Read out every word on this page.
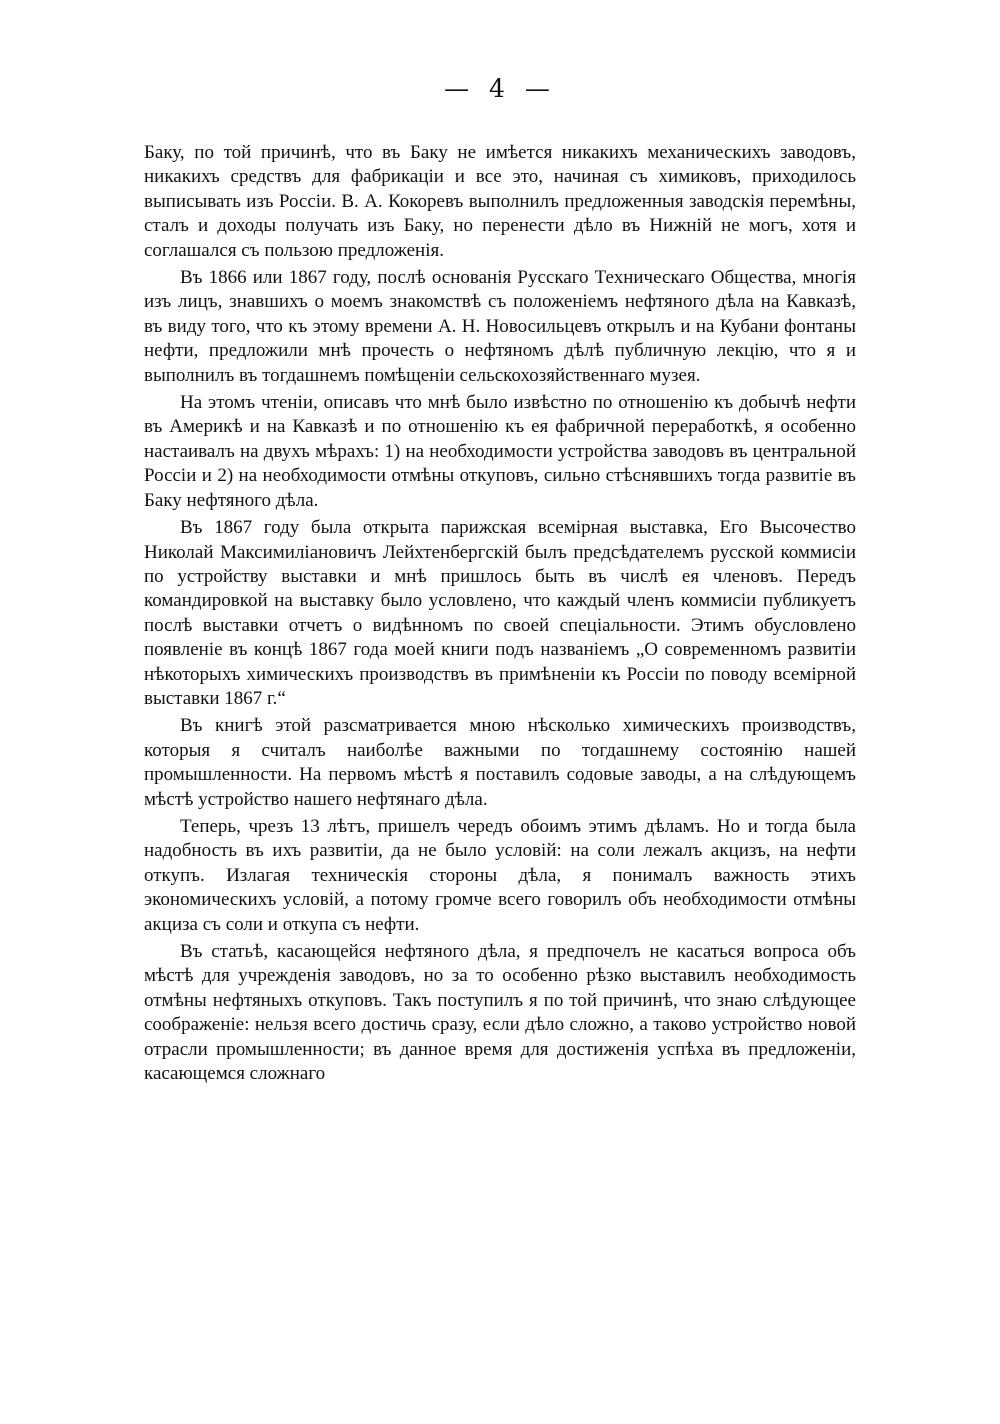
— 4 —

Баку, по той причинѣ, что въ Баку не имѣется никакихъ механическихъ заводовъ, никакихъ средствъ для фабрикаціи и все это, начиная съ химиковъ, приходилось выписывать изъ Россіи. В. А. Кокоревъ выполнилъ предложенныя заводскія перемѣны, сталъ и доходы получать изъ Баку, но перенести дѣло въ Нижній не могъ, хотя и соглашался съ пользою предложенія.

Въ 1866 или 1867 году, послѣ основанія Русскаго Техническаго Общества, многія изъ лицъ, знавшихъ о моемъ знакомствѣ съ положеніемъ нефтяного дѣла на Кавказѣ, въ виду того, что къ этому времени А. Н. Новосильцевъ открылъ и на Кубани фонтаны нефти, предложили мнѣ прочесть о нефтяномъ дѣлѣ публичную лекцію, что я и выполнилъ въ тогдашнемъ помѣщеніи сельскохозяйственнаго музея.

На этомъ чтеніи, описавъ что мнѣ было извѣстно по отношенію къ добычѣ нефти въ Америкѣ и на Кавказѣ и по отношенію къ ея фабричной переработкѣ, я особенно настаивалъ на двухъ мѣрахъ: 1) на необходимости устройства заводовъ въ центральной Россіи и 2) на необходимости отмѣны откуповъ, сильно стѣснявшихъ тогда развитіе въ Баку нефтяного дѣла.

Въ 1867 году была открыта парижская всемірная выставка, Его Высочество Николай Максимиліановичъ Лейхтенбергскій былъ предсѣдателемъ русской коммисіи по устройству выставки и мнѣ пришлось быть въ числѣ ея членовъ. Передъ командировкой на выставку было условлено, что каждый членъ коммисіи публикуетъ послѣ выставки отчетъ о видѣнномъ по своей спеціальности. Этимъ обусловлено появленіе въ концѣ 1867 года моей книги подъ названіемъ „О современномъ развитіи нѣкоторыхъ химическихъ производствъ въ примѣненіи къ Россіи по поводу всемірной выставки 1867 г.“

Въ книгѣ этой разсматривается мною нѣсколько химическихъ производствъ, которыя я считалъ наиболѣе важными по тогдашнему состоянію нашей промышленности. На первомъ мѣстѣ я поставилъ содовые заводы, а на слѣдующемъ мѣстѣ устройство нашего нефтянаго дѣла.

Теперь, чрезъ 13 лѣтъ, пришелъ чередъ обоимъ этимъ дѣламъ. Но и тогда была надобность въ ихъ развитіи, да не было условій: на соли лежалъ акцизъ, на нефти откупъ. Излагая техническія стороны дѣла, я понималъ важность этихъ экономическихъ условій, а потому громче всего говорилъ объ необходимости отмѣны акциза съ соли и откупа съ нефти.

Въ статьѣ, касающейся нефтяного дѣла, я предпочелъ не касаться вопроса объ мѣстѣ для учрежденія заводовъ, но за то особенно рѣзко выставилъ необходимость отмѣны нефтяныхъ откуповъ. Такъ поступилъ я по той причинѣ, что знаю слѣдующее соображеніе: нельзя всего достичь сразу, если дѣло сложно, а таково устройство новой отрасли промышленности; въ данное время для достиженія успѣха въ предложеніи, касающемся сложнаго
